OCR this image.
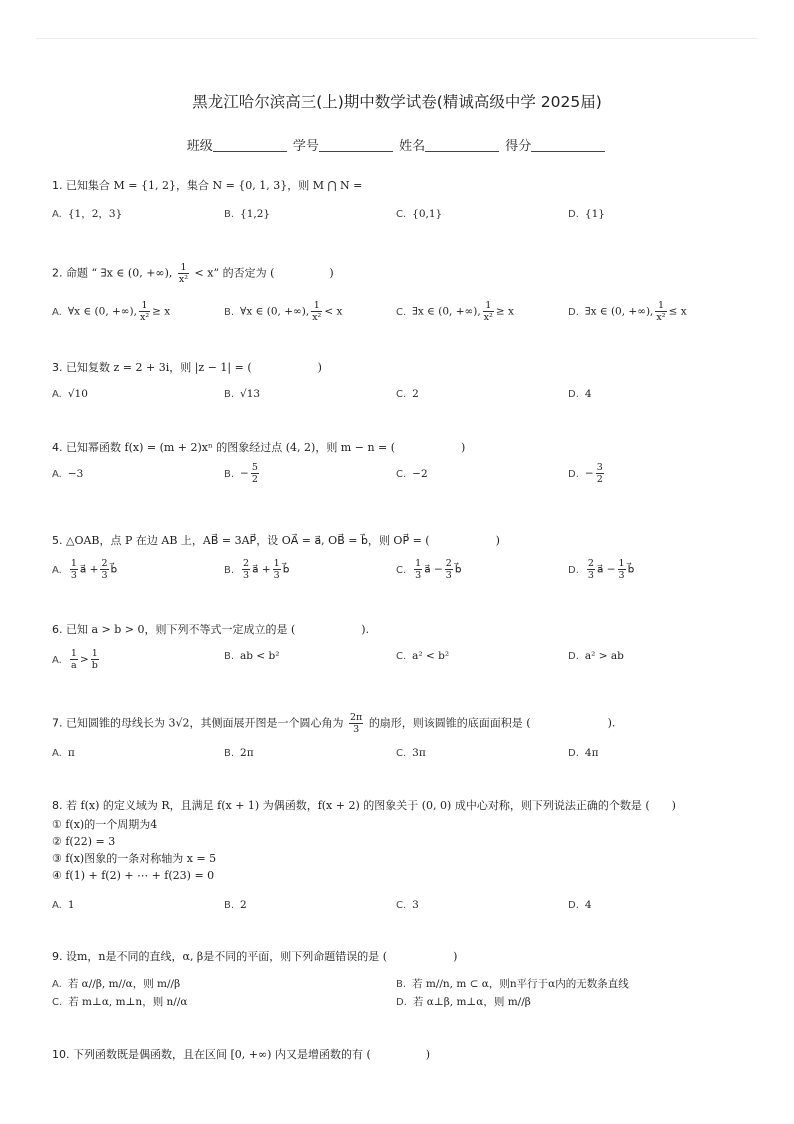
黑龙江哈尔滨高三(上)期中数学试卷(精诚高级中学 2025届)
班级	学号	姓名	得分
1. 已知集合 M = {1, 2}，集合 N = {0, 1, 3}，则 M ⋂ N =
A. {1，2，3}	B. {1,2}	C. {0,1}	D. {1}
2. 命题 “ ∃x ∈ (0, +∞), $\frac{1}{\text{x²}} < x$” 的否定为 (　　　　　)
A. ∀x ∈ (0, +∞), $\frac{1}{\text{x²}} \ge x$	B. ∀x ∈ (0, +∞), $\frac{1}{\text{x²}} < x$	C. ∃x ∈ (0, +∞), $\frac{1}{\text{x²}} \ge x$	D. ∃x ∈ (0, +∞), $\frac{1}{\text{x²}} \le x$
3. 已知复数 z = 2 + 3i，则 |z − 1| = (　　　　　　)
A. √10	B. √13	C. 2	D. 4
4. 已知幂函数 f(x) = (m + 2)xⁿ 的图象经过点 (4, 2)，则 m − n = (　　　　　　)
A. −3	B. − $\frac{5}{2}$	C. −2	D. − $\frac{3}{2}$
5. △OAB，点 P 在边 AB 上，AB⃗ = 3AP⃗，设 OA⃗ = a⃗, OB⃗ = b⃗，则 OP⃗ = (　　　　　　)
A. $\frac{1}{3}$ a⃗ + $\frac{2}{3}$ b⃗	B. $\frac{2}{3}$ a⃗ + $\frac{1}{3}$ b⃗	C. $\frac{1}{3}$ a⃗ − $\frac{2}{3}$ b⃗	D. $\frac{2}{3}$ a⃗ − $\frac{1}{3}$ b⃗
6. 已知 a > b > 0，则下列不等式一定成立的是 (　　　　　　).
A. $\frac{1}{a} > \frac{1}{b}$	B. ab < b²	C. a² < b²	D. a² > ab
7. 已知圆锥的母线长为 3√2，其侧面展开图是一个圆心角为 $\frac{2\pi}{3}$ 的扇形，则该圆锥的底面面积是 (　　　　　　　).
A. π	B. 2π	C. 3π	D. 4π
8. 若 f(x) 的定义域为 R，且满足 f(x + 1) 为偶函数，f(x + 2) 的图象关于 (0, 0) 成中心对称，则下列说法正确的个数是 (　　)
① f(x)的一个周期为4
② f(22) = 3
③ f(x)图象的一条对称轴为 x = 5
④ f(1) + f(2) + ⋯ + f(23) = 0
A. 1	B. 2	C. 3	D. 4
9. 设m，n是不同的直线，α, β是不同的平面，则下列命题错误的是 (　　　　　　)
A. 若 α//β, m//α，则 m//β	B. 若 m//n, m ⊂ α，则n平行于α内的无数条直线
C. 若 m⊥α, m⊥n，则 n//α	D. 若 α⊥β, m⊥α，则 m//β
10. 下列函数既是偶函数，且在区间 [0, +∞) 内又是增函数的有 (　　　　　)
